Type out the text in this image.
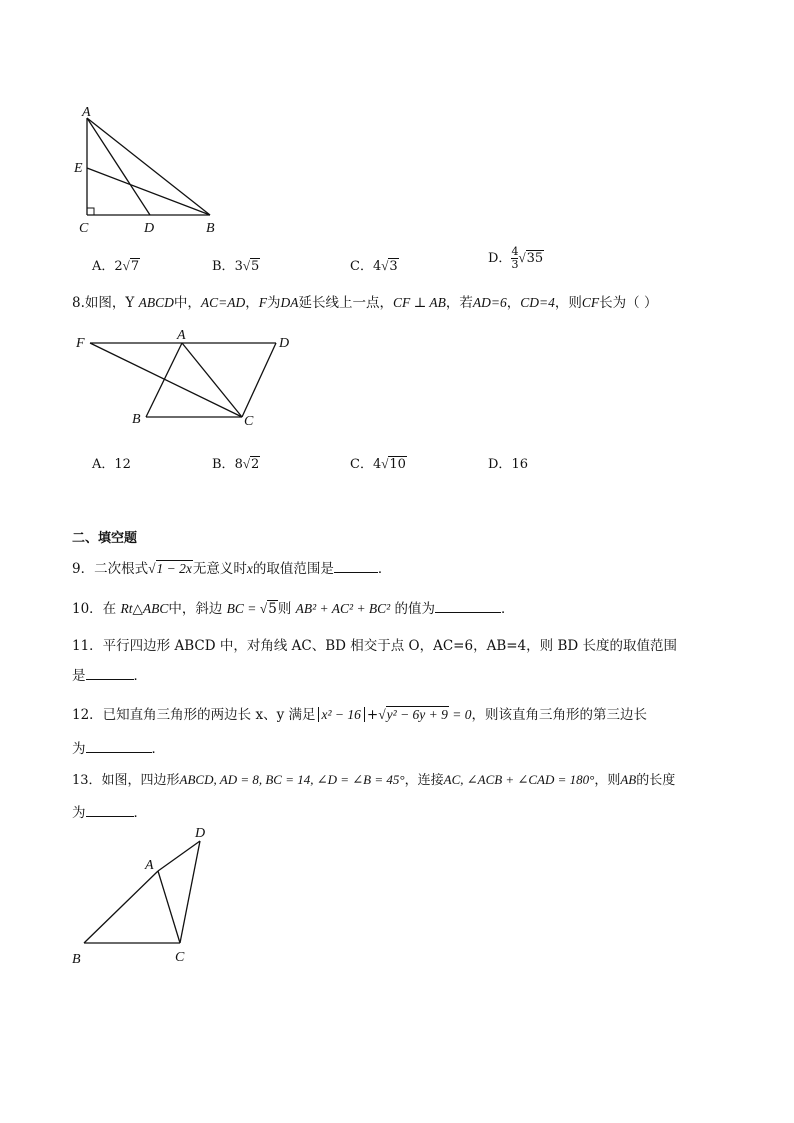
A
E
C	D	B
A．2√7	B．3√5	C．4√3
D． $\frac{4}{3} √35$
8.如图，Y ABCD中，AC=AD，F为DA延长线上一点，CF ⊥ AB，若AD=6，CD=4，则CF长为（ ）
F
A
D
B	C
A．12	B．8√2	C．4√10	D．16
二、填空题
9．二次根式√1 − 2x无意义时x的取值范围是	．
10．在 Rt△ABC中，斜边 BC = √5则 AB² + AC² + BC² 的值为	．
11．平行四边形 ABCD 中，对角线 AC、BD 相交于点 O，AC=6，AB=4，则 BD 长度的取值范围
是	．
12．已知直角三角形的两边长 x、y 满足 x² − 16 +√y² − 6y + 9 = 0，则该直角三角形的第三边长
为	．
13．如图，四边形ABCD, AD = 8, BC = 14, ∠D = ∠B = 45°，连接AC, ∠ACB + ∠CAD = 180°，则AB的长度
为	．
D
A
B	C
